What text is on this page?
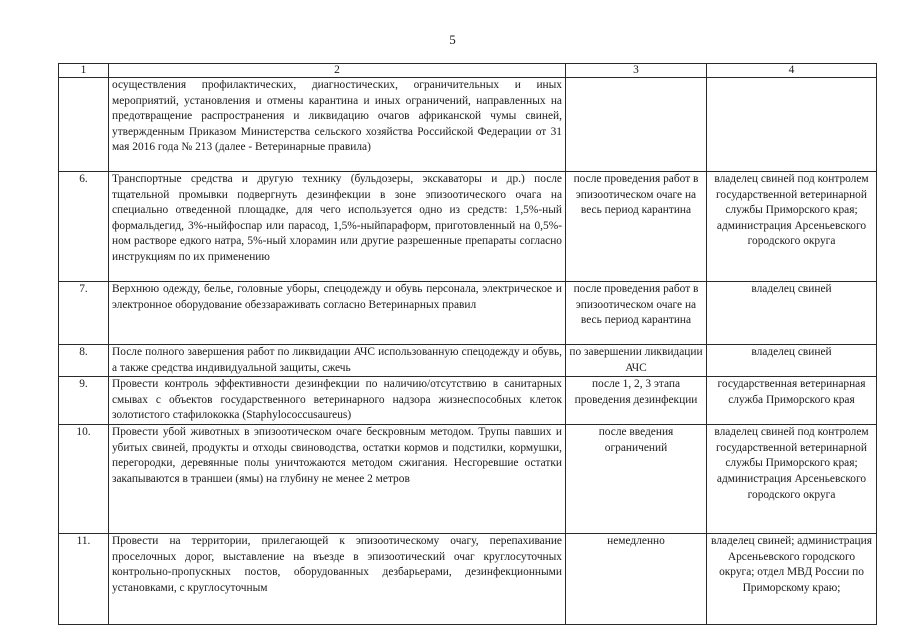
5
1	2	3	4
	осуществления профилактических, диагностических, ограничительных и иных мероприятий, установления и отмены карантина и иных ограничений, направленных на предотвращение распространения и ликвидацию очагов африканской чумы свиней, утвержденным Приказом Министерства сельского хозяйства Российской Федерации от 31 мая 2016 года № 213 (далее - Ветеринарные правила)		
6.	Транспортные средства и другую технику (бульдозеры, экскаваторы и др.) после тщательной промывки подвергнуть дезинфекции в зоне эпизоотического очага на специально отведенной площадке, для чего используется одно из средств: 1,5%-ный формальдегид, 3%-ныйфоспар или парасод, 1,5%-ныйпараформ, приготовленный на 0,5%-ном растворе едкого натра, 5%-ный хлорамин или другие разрешенные препараты согласно инструкциям по их применению	после проведения работ в эпизоотическом очаге на весь период карантина	владелец свиней под контролем государственной ветеринарной службы Приморского края; администрация Арсеньевского городского округа
7.	Верхнюю одежду, белье, головные уборы, спецодежду и обувь персонала, электрическое и электронное оборудование обеззараживать согласно Ветеринарных правил	после проведения работ в эпизоотическом очаге на весь период карантина	владелец свиней
8.	После полного завершения работ по ликвидации АЧС использованную спецодежду и обувь, а также средства индивидуальной защиты, сжечь	по завершении ликвидации АЧС	владелец свиней
9.	Провести контроль эффективности дезинфекции по наличию/отсутствию в санитарных смывах с объектов государственного ветеринарного надзора жизнеспособных клеток золотистого стафилококка (Staphylococcusaureus)	после 1, 2, 3 этапа проведения дезинфекции	государственная ветеринарная служба Приморского края
10.	Провести убой животных в эпизоотическом очаге бескровным методом. Трупы павших и убитых свиней, продукты и отходы свиноводства, остатки кормов и подстилки, кормушки, перегородки, деревянные полы уничтожаются методом сжигания. Несгоревшие остатки закапываются в траншеи (ямы) на глубину не менее 2 метров	после введения ограничений	владелец свиней под контролем государственной ветеринарной службы Приморского края; администрация Арсеньевского городского округа
11.	Провести на территории, прилегающей к эпизоотическому очагу, перепахивание проселочных дорог, выставление на въезде в эпизоотический очаг круглосуточных контрольно-пропускных постов, оборудованных дезбарьерами, дезинфекционными установками, с круглосуточным	немедленно	владелец свиней; администрация Арсеньевского городского округа; отдел МВД России по Приморскому краю;
